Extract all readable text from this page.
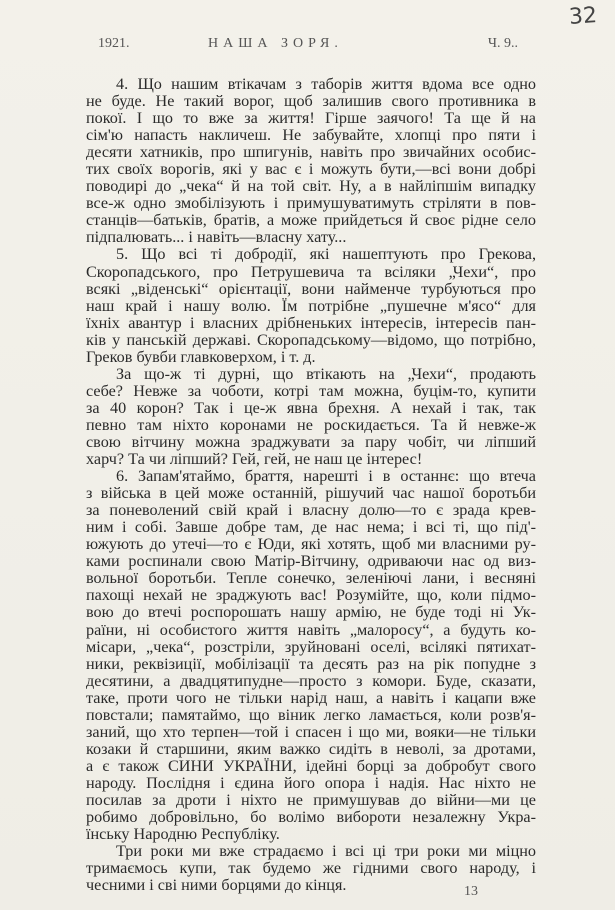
32
1921.	НАША ЗОРЯ.	Ч. 9..
4. Що нашим втікачам з таборів життя вдома все одно
не буде. Не такий ворог, щоб залишив свого противника в
покої. І що то вже за життя! Гірше заячого! Та ще й на
сім'ю напасть накличеш. Не забувайте, хлопці про пяти і
десяти хатників, про шпигунів, навіть про звичайних особис-
тих своїх ворогів, які у вас є і можуть бути,—всі вони добрі
поводирі до „чека“ й на той світ. Ну, а в найліпшім випадку
все-ж одно змобілізують і примушуватимуть стріляти в пов-
станців—батьків, братів, а може прийдеться й своє рідне село
підпалювать... і навіть—власну хату...
5. Що всі ті добродії, які нашептують про Грекова,
Скоропадського, про Петрушевича та всіляки „Чехи“, про
всякі „віденські“ орієнтації, вони найменче турбуються про
наш край і нашу волю. Їм потрібне „пушечне м'ясо“ для
їхніх авантур і власних дрібненьких інтересів, інтересів пан-
ків у панській державі. Скоропадському—відомо, що потрібно,
Греков бувби главковерхом, і т. д.
За що-ж ті дурні, що втікають на „Чехи“, продають
себе? Невже за чоботи, котрі там можна, буцім-то, купити
за 40 корон? Так і це-ж явна брехня. А нехай і так, так
певно там ніхто коронами не роскидається. Та й невже-ж
свою вітчину можна зраджувати за пару чобіт, чи ліпший
харч? Та чи ліпший? Гей, гей, не наш це інтерес!
6. Запам'ятаймо, браття, нарешті і в останнє: що втеча
з війська в цей може останній, рішучий час нашої боротьби
за поневолений свій край і власну долю—то є зрада крев-
ним і собі. Завше добре там, де нас нема; і всі ті, що під'-
южують до утечі—то є Юди, які хотять, щоб ми власними ру-
ками роспинали свою Матір-Вітчину, одриваючи нас од виз-
вольної боротьби. Тепле сонечко, зеленіючі лани, і весняні
пахощі нехай не зраджують вас! Розумійте, що, коли підмо-
вою до втечі роспорошать нашу армію, не буде тоді ні Ук-
раїни, ні особистого життя навіть „малоросу“, а будуть ко-
місари, „чека“, розстріли, зруйновані оселі, всілякі пятихат-
ники, реквізиції, мобілізації та десять раз на рік попудне з
десятини, а двадцятипудне—просто з комори. Буде, сказати,
таке, проти чого не тільки нарід наш, а навіть і кацапи вже
повстали; памятаймо, що віник легко ламається, коли розв'я-
заний, що хто терпен—той і спасен і що ми, вояки—не тільки
козаки й старшини, яким важко сидіть в неволі, за дротами,
а є також СИНИ УКРАЇНИ, ідейні борці за добробут свого
народу. Послідня і єдина його опора і надія. Нас ніхто не
посилав за дроти і ніхто не примушував до війни—ми це
робимо добровільно, бо волімо вибороти незалежну Укра-
їнську Народню Республіку.
Три роки ми вже страдаємо і всі ці три роки ми міцно
тримаємось купи, так будемо же гідними свого народу, і
чесними і сві ними борцями до кінця.	13
